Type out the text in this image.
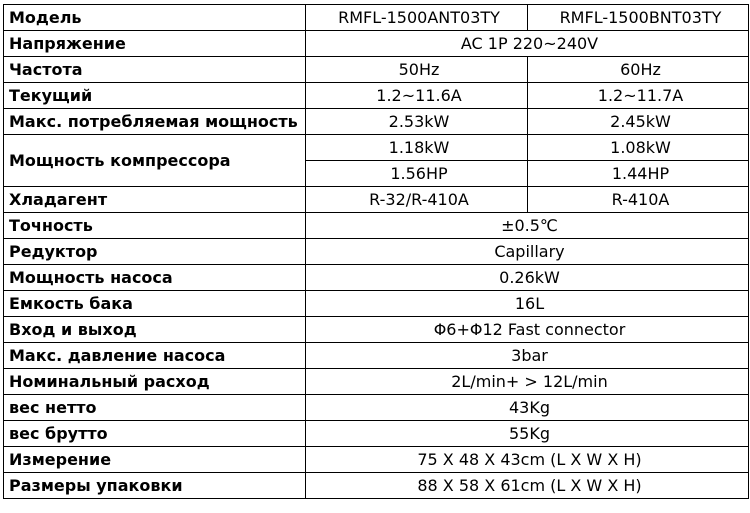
Модель	RMFL-1500ANT03TY	RMFL-1500BNT03TY
Напряжение	AC 1P 220~240V	
Частота	50Hz	60Hz
Текущий	1.2~11.6A	1.2~11.7A
Макс. потребляемая мощность	2.53kW	2.45kW
Мощность компрессора	1.18kW	1.08kW
	1.56HP	1.44HP
Хладагент	R-32/R-410A	R-410A
Точность	±0.5℃	
Редуктор	Capillary	
Мощность насоса	0.26kW	
Емкость бака	16L	
Вход и выход	Φ6+Φ12 Fast connector	
Макс. давление насоса	3bar	
Номинальный расход	2L/min+ > 12L/min	
вес нетто	43Kg	
вес брутто	55Kg	
Измерение	75 X 48 X 43cm (L X W X H)	
Размеры упаковки	88 X 58 X 61cm (L X W X H)	
